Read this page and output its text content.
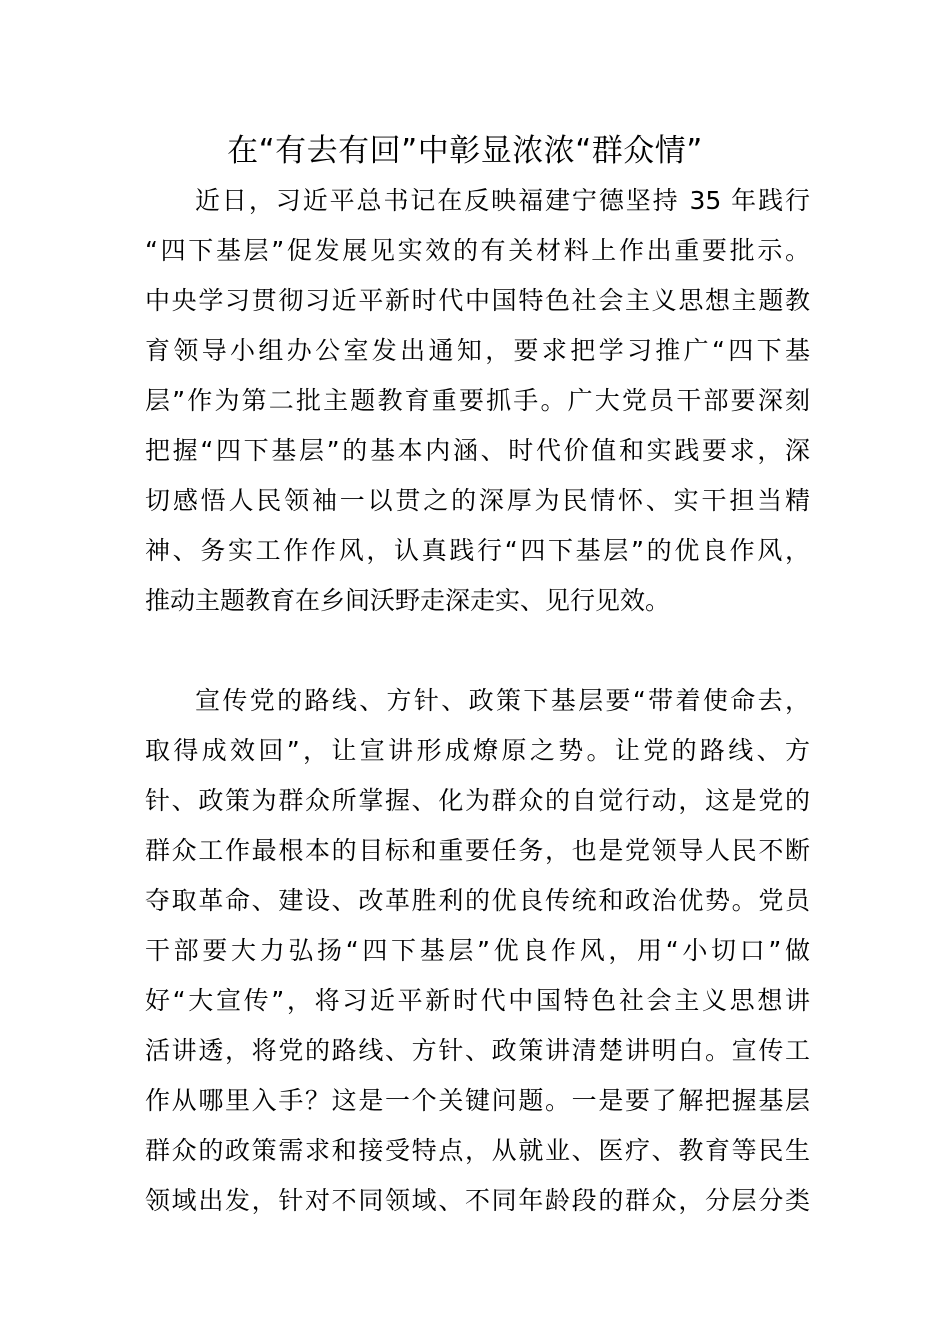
在“有去有回”中彰显浓浓“群众情”
近日，习近平总书记在反映福建宁德坚持 35 年践行
“四下基层”促发展见实效的有关材料上作出重要批示。
中央学习贯彻习近平新时代中国特色社会主义思想主题教
育领导小组办公室发出通知，要求把学习推广“四下基
层”作为第二批主题教育重要抓手。广大党员干部要深刻
把握“四下基层”的基本内涵、时代价值和实践要求，深
切感悟人民领袖一以贯之的深厚为民情怀、实干担当精
神、务实工作作风，认真践行“四下基层”的优良作风，
推动主题教育在乡间沃野走深走实、见行见效。
宣传党的路线、方针、政策下基层要“带着使命去，
取得成效回”，让宣讲形成燎原之势。让党的路线、方
针、政策为群众所掌握、化为群众的自觉行动，这是党的
群众工作最根本的目标和重要任务，也是党领导人民不断
夺取革命、建设、改革胜利的优良传统和政治优势。党员
干部要大力弘扬“四下基层”优良作风，用“小切口”做
好“大宣传”，将习近平新时代中国特色社会主义思想讲
活讲透，将党的路线、方针、政策讲清楚讲明白。宣传工
作从哪里入手？这是一个关键问题。一是要了解把握基层
群众的政策需求和接受特点，从就业、医疗、教育等民生
领域出发，针对不同领域、不同年龄段的群众，分层分类
